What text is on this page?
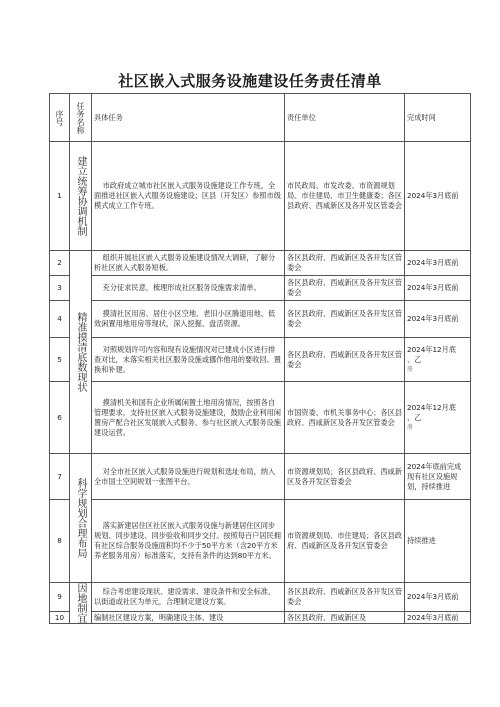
社区嵌入式服务设施建设任务责任清单
序号	任务名称	具体任务	责任单位	完成时间
1	建立统筹协调机制	市政府成立城市社区嵌入式服务设施建设工作专班，全面推进社区嵌入式服务设施建设；区县（开发区）参照市级模式成立工作专班。	市民政局、市发改委、市资源规划局、市住建局、市卫生健康委；各区县政府、西咸新区及各开发区管委会	2024年3月底前
2	精准摸清底数现状	组织开展社区嵌入式服务设施建设情况大调研，了解分析社区嵌入式服务短板。	各区县政府、西咸新区及各开发区管委会	2024年3月底前
3		充分征求民意，梳理形成社区服务设施需求清单。	各区县政府、西咸新区及各开发区管委会	2024年3月底前
4		摸清社区用房、居住小区空地、老旧小区腾退用地、低效闲置用地用房等现状，深入挖掘、盘活资源。	各区县政府、西咸新区及各开发区管委会	2024年3月底前
5		对照规划许可内容和现有设施情况对已建成小区进行排查对比，未落实相关社区服务设施或挪作他用的要收回、置换和补建。	各区县政府、西咸新区及各开发区管委会	2024年12月底
、乙
册

6		摸清机关和国有企业所属闲置土地用房情况，按照各自管理要求，支持社区嵌入式服务设施建设，鼓励企业利用闲置房产配合社区发展嵌入式服务、参与社区嵌入式服务设施建设运营。	市国资委、市机关事务中心；各区县政府、西咸新区及各开发区管委会	2024年12月底
、乙
册

7	科学规划合理布局	对全市社区嵌入式服务设施进行规划和选址布局，纳入全市国土空间规划一张图平台。	市资源规划局；各区县政府、西咸新区及各开发区管委会	2024年底前完成现有社区设施规划，持续推进
8		落实新建居住区社区嵌入式服务设施与新建居住区同步规划、同步建设、同步验收和同步交付。按照每百户居民拥有社区综合服务设施面积均不少于50平方米（含20平方米养老服务用房）标准落实，支持有条件的达到80平方米。	市资源规划局、市住建局；各区县政府、西咸新区及各开发区管委会	持续推进
9	因地制宜	综合考虑建设现状、建设需求、建设条件和安全标准，以街道或社区为单元，合理制定建设方案。	各区县政府、西咸新区及各开发区管委会	2024年3月底前
10		编制社区建设方案，明确建设主体、建设	各区县政府、西咸新区及	2024年3月底前
